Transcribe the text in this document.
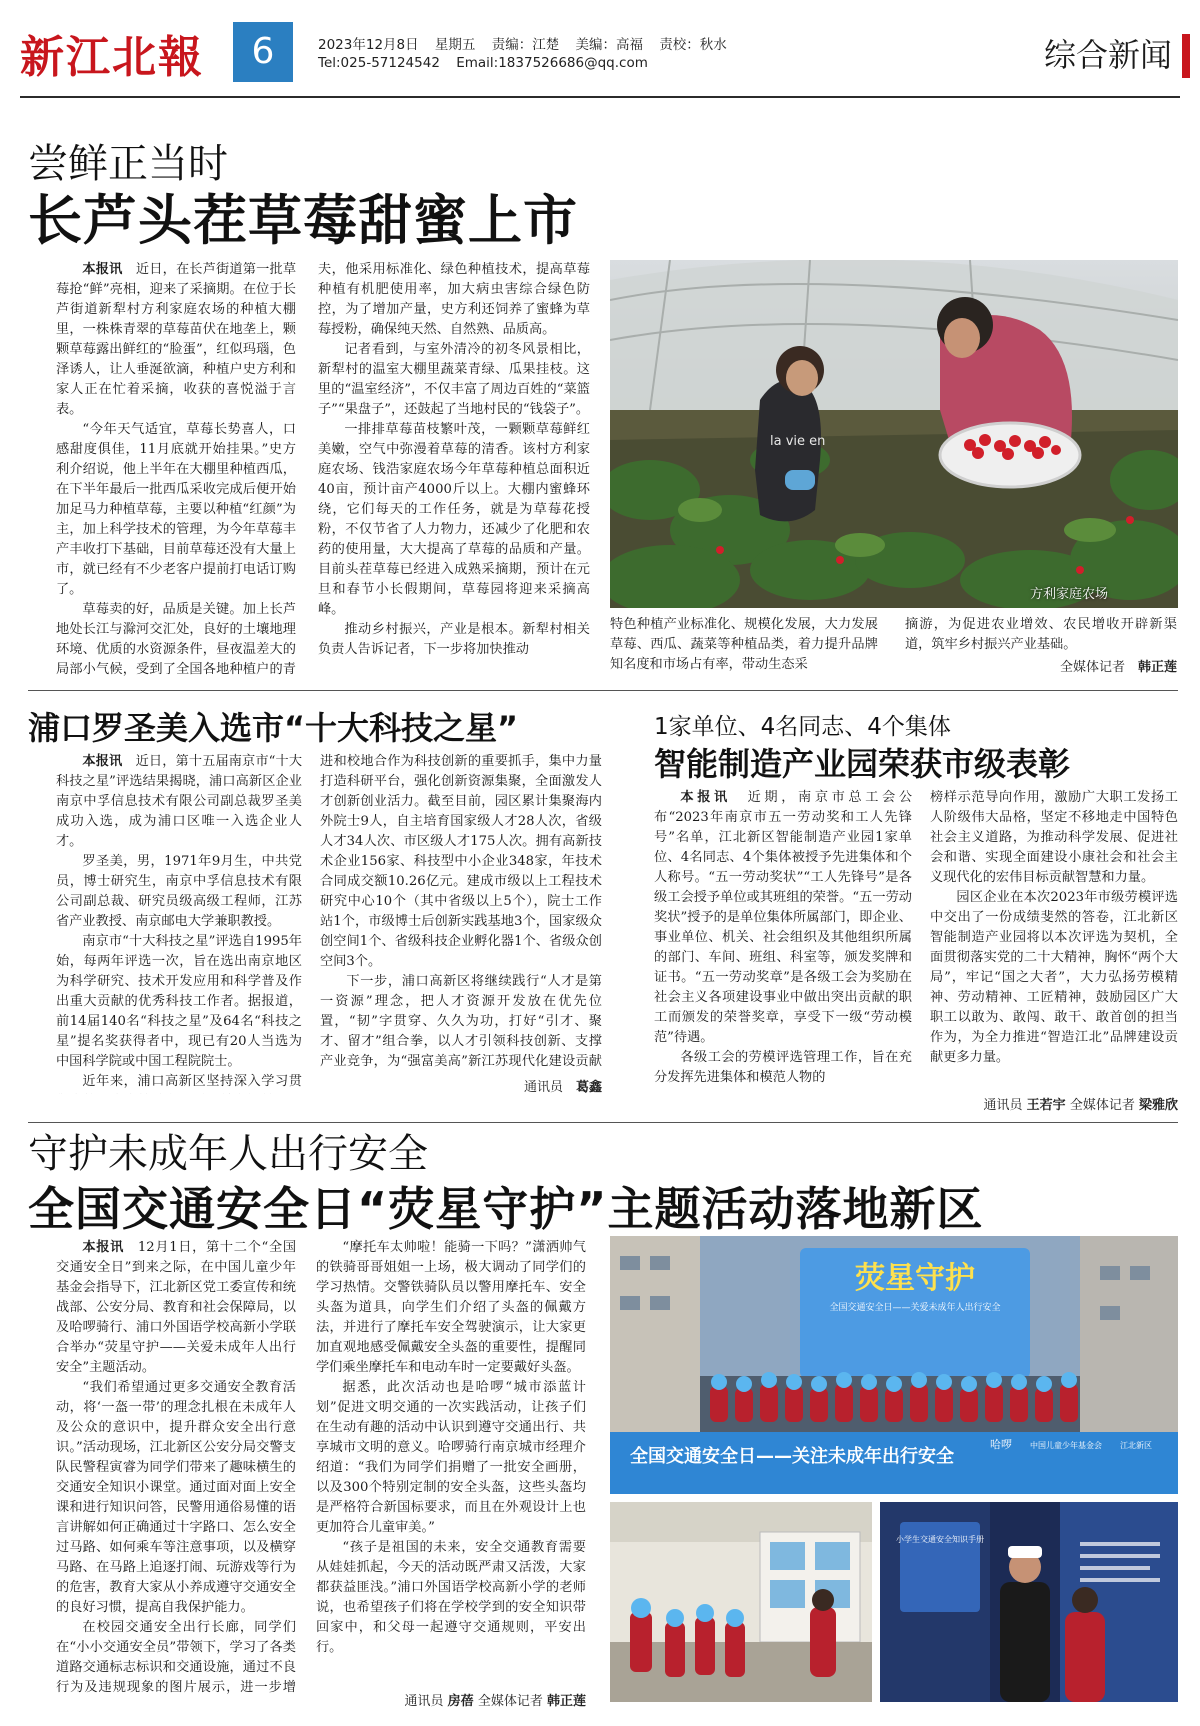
新江北報	6	2023年12月8日 星期五 责编：江楚 美编：高福 责校：秋水
Tel:025-57124542 Email:1837526686@qq.com	综合新闻
尝鲜正当时
长芦头茬草莓甜蜜上市

本报讯　 近日，在长芦街道第一批草莓抢“鲜”亮相，迎来了采摘期。在位于长芦街道新犁村方利家庭农场的种植大棚里，一株株青翠的草莓苗伏在地垄上，颗颗草莓露出鲜红的“脸蛋”，红似玛瑙，色泽诱人，让人垂涎欲滴，种植户史方利和家人正在忙着采摘，收获的喜悦溢于言表。

“今年天气适宜，草莓长势喜人，口感甜度俱佳，11月底就开始挂果。”史方利介绍说，他上半年在大棚里种植西瓜，在下半年最后一批西瓜采收完成后便开始加足马力种植草莓，主要以种植“红颜”为主，加上科学技术的管理，为今年草莓丰产丰收打下基础，目前草莓还没有大量上市，就已经有不少老客户提前打电话订购了。

草莓卖的好，品质是关键。加上长芦地处长江与滁河交汇处，良好的土壤地理环境、优质的水资源条件，昼夜温差大的局部小气候，受到了全国各地种植户的青

夫，他采用标准化、绿色种植技术，提高草莓种植有机肥使用率，加大病虫害综合绿色防控，为了增加产量，史方利还饲养了蜜蜂为草莓授粉，确保纯天然、自然熟、品质高。

记者看到，与室外清冷的初冬风景相比，新犁村的温室大棚里蔬菜青绿、瓜果挂枝。这里的“温室经济”，不仅丰富了周边百姓的“菜篮子”“果盘子”，还鼓起了当地村民的“钱袋子”。

一排排草莓苗枝繁叶茂，一颗颗草莓鲜红美嫩，空气中弥漫着草莓的清香。该村方利家庭农场、钱浩家庭农场今年草莓种植总面积近40亩，预计亩产4000斤以上。大棚内蜜蜂环绕，它们每天的工作任务，就是为草莓花授粉，不仅节省了人力物力，还减少了化肥和农药的使用量，大大提高了草莓的品质和产量。目前头茬草莓已经进入成熟采摘期，预计在元旦和春节小长假期间，草莓园将迎来采摘高峰。

推动乡村振兴，产业是根本。新犁村相关负责人告诉记者，下一步将加快推动

la vie en
方利家庭农场

特色种植产业标准化、规模化发展，大力发展草莓、西瓜、蔬菜等种植品类，着力提升品牌知名度和市场占有率，带动生态采

摘游，为促进农业增效、农民增收开辟新渠道，筑牢乡村振兴产业基础。

全媒体记者　 韩正莲
浦口罗圣美入选市“十大科技之星”

本报讯　 近日，第十五届南京市“十大科技之星”评选结果揭晓，浦口高新区企业南京中孚信息技术有限公司副总裁罗圣美成功入选，成为浦口区唯一入选企业人才。

罗圣美，男，1971年9月生，中共党员，博士研究生，南京中孚信息技术有限公司副总裁、研究员级高级工程师，江苏省产业教授、南京邮电大学兼职教授。

南京市“十大科技之星”评选自1995年始，每两年评选一次，旨在选出南京地区为科学研究、技术开发应用和科学普及作出重大贡献的优秀科技工作者。据报道，前14届140名“科技之星”及64名“科技之星”提名奖获得者中，现已有20人当选为中国科学院或中国工程院院士。

近年来，浦口高新区坚持深入学习贯

进和校地合作为科技创新的重要抓手，集中力量打造科研平台，强化创新资源集聚，全面激发人才创新创业活力。截至目前，园区累计集聚海内外院士9人，自主培育国家级人才28人次，省级人才34人次、市区级人才175人次。拥有高新技术企业156家、科技型中小企业348家，年技术合同成交额10.26亿元。建成市级以上工程技术研究中心10个（其中省级以上5个），院士工作站1个，市级博士后创新实践基地3个，国家级众创空间1个、省级科技企业孵化器1个、省级众创空间3个。

下一步，浦口高新区将继续践行“人才是第一资源”理念，把人才资源开发放在优先位置，“韧”字贯穿、久久为功，打好“引才、聚才、留才”组合拳，以人才引领科技创新、支撑产业竞争，为“强富美高”新江苏现代化建设贡献

通讯员　 葛鑫
1家单位、4名同志、4个集体
智能制造产业园荣获市级表彰

本报讯　 近期，南京市总工会公布“2023年南京市五一劳动奖和工人先锋号”名单，江北新区智能制造产业园1家单位、4名同志、4个集体被授予先进集体和个人称号。“五一劳动奖状”“工人先锋号”是各级工会授予单位或其班组的荣誉。“五一劳动奖状”授予的是单位集体所属部门，即企业、事业单位、机关、社会组织及其他组织所属的部门、车间、班组、科室等，颁发奖牌和证书。“五一劳动奖章”是各级工会为奖励在社会主义各项建设事业中做出突出贡献的职工而颁发的荣誉奖章，享受下一级“劳动模范”待遇。

各级工会的劳模评选管理工作，旨在充分发挥先进集体和模范人物的

榜样示范导向作用，激励广大职工发扬工人阶级伟大品格，坚定不移地走中国特色社会主义道路，为推动科学发展、促进社会和谐、实现全面建设小康社会和社会主义现代化的宏伟目标贡献智慧和力量。

园区企业在本次2023年市级劳模评选中交出了一份成绩斐然的答卷，江北新区智能制造产业园将以本次评选为契机，全面贯彻落实党的二十大精神，胸怀“两个大局”，牢记“国之大者”，大力弘扬劳模精神、劳动精神、工匠精神，鼓励园区广大职工以敢为、敢闯、敢干、敢首创的担当作为，为全力推进“智造江北”品牌建设贡献更多力量。

通讯员 王若宇 全媒体记者 梁雅欣
守护未成年人出行安全
全国交通安全日“荧星守护”主题活动落地新区

本报讯　 12月1日，第十二个“全国交通安全日”到来之际，在中国儿童少年基金会指导下，江北新区党工委宣传和统战部、公安分局、教育和社会保障局，以及哈啰骑行、浦口外国语学校高新小学联合举办“荧星守护——关爱未成年人出行安全”主题活动。

“我们希望通过更多交通安全教育活动，将‘一盔一带’的理念扎根在未成年人及公众的意识中，提升群众安全出行意识。”活动现场，江北新区公安分局交警支队民警程寅睿为同学们带来了趣味横生的交通安全知识小课堂。通过面对面上安全课和进行知识问答，民警用通俗易懂的语言讲解如何正确通过十字路口、怎么安全过马路、如何乘车等注意事项，以及横穿马路、在马路上追逐打闹、玩游戏等行为的危害，教育大家从小养成遵守交通安全的良好习惯，提高自我保护能力。

在校园交通安全出行长廊，同学们在“小小交通安全员”带领下，学习了各类道路交通标志标识和交通设施，通过不良行为及违规现象的图片展示，进一步增

“摩托车太帅啦！能骑一下吗？”潇洒帅气的铁骑哥哥姐姐一上场，极大调动了同学们的学习热情。交警铁骑队员以警用摩托车、安全头盔为道具，向学生们介绍了头盔的佩戴方法，并进行了摩托车安全驾驶演示，让大家更加直观地感受佩戴安全头盔的重要性，提醒同学们乘坐摩托车和电动车时一定要戴好头盔。

据悉，此次活动也是哈啰“城市添蓝计划”促进文明交通的一次实践活动，让孩子们在生动有趣的活动中认识到遵守交通出行、共享城市文明的意义。哈啰骑行南京城市经理介绍道：“我们为同学们捐赠了一批安全画册，以及300个特别定制的安全头盔，这些头盔均是严格符合新国标要求，而且在外观设计上也更加符合儿童审美。”

“孩子是祖国的未来，安全交通教育需要从娃娃抓起，今天的活动既严肃又活泼，大家都获益匪浅。”浦口外国语学校高新小学的老师说，也希望孩子们将在学校学到的安全知识带回家中，和父母一起遵守交通规则，平安出行。

通讯员 房蓓 全媒体记者 韩正莲
荧星守护
全国交通安全日——关爱未成年人出行安全
全国交通安全日——关注未成年出行安全
哈啰 中国儿童少年基金会 江北新区
小学生交通安全知识手册
